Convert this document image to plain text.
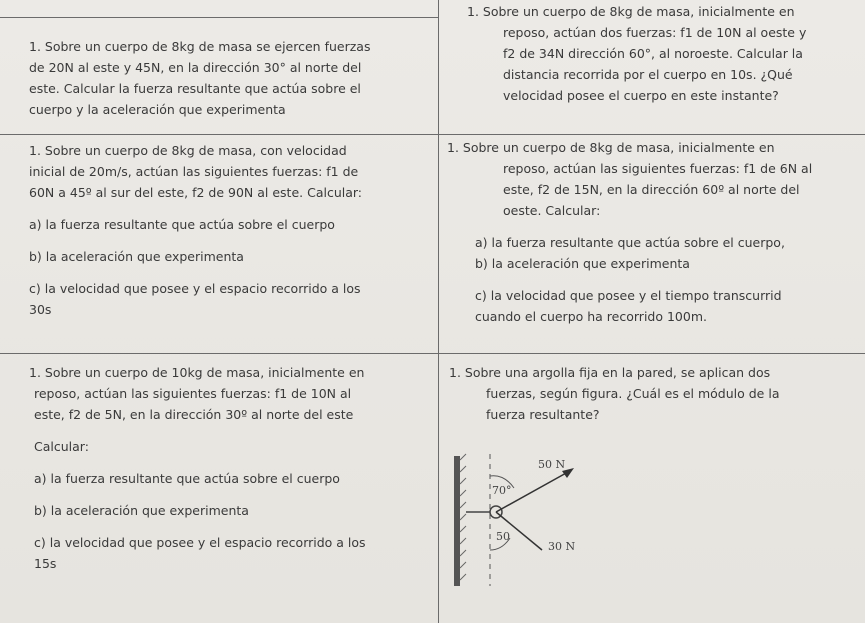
1. Sobre un cuerpo de 8kg de masa se ejercen fuerzas

de 20N al este y 45N, en la dirección 30° al norte del

este. Calcular la fuerza resultante que actúa sobre el

cuerpo y la aceleración que experimenta

1. Sobre un cuerpo de 8kg de masa, inicialmente en

reposo, actúan dos fuerzas: f1 de 10N al oeste y

f2 de 34N dirección 60°, al noroeste. Calcular la

distancia recorrida por el cuerpo en 10s. ¿Qué

velocidad posee el cuerpo en este instante?

1. Sobre un cuerpo de 8kg de masa, con velocidad

inicial de 20m/s, actúan las siguientes fuerzas: f1 de

60N a 45º al sur del este, f2 de 90N al este. Calcular:

a) la fuerza resultante que actúa sobre el cuerpo

b) la aceleración que experimenta

c) la velocidad que posee y el espacio recorrido a los

30s

1. Sobre un cuerpo de 8kg de masa, inicialmente en

reposo, actúan las siguientes fuerzas: f1 de 6N al

este, f2 de 15N, en la dirección 60º al norte del

oeste. Calcular:

a) la fuerza resultante que actúa sobre el cuerpo,

b) la aceleración que experimenta

c) la velocidad que posee y el tiempo transcurrid

cuando el cuerpo ha recorrido 100m.

1. Sobre un cuerpo de 10kg de masa, inicialmente en

reposo, actúan las siguientes fuerzas: f1 de 10N al

este, f2 de 5N, en la dirección 30º al norte del este

Calcular:

a) la fuerza resultante que actúa sobre el cuerpo

b) la aceleración que experimenta

c) la velocidad que posee y el espacio recorrido a los

15s

1. Sobre una argolla fija en la pared, se aplican dos

fuerzas, según figura. ¿Cuál es el módulo de la

fuerza resultante?

50 N
70°
50
30 N
